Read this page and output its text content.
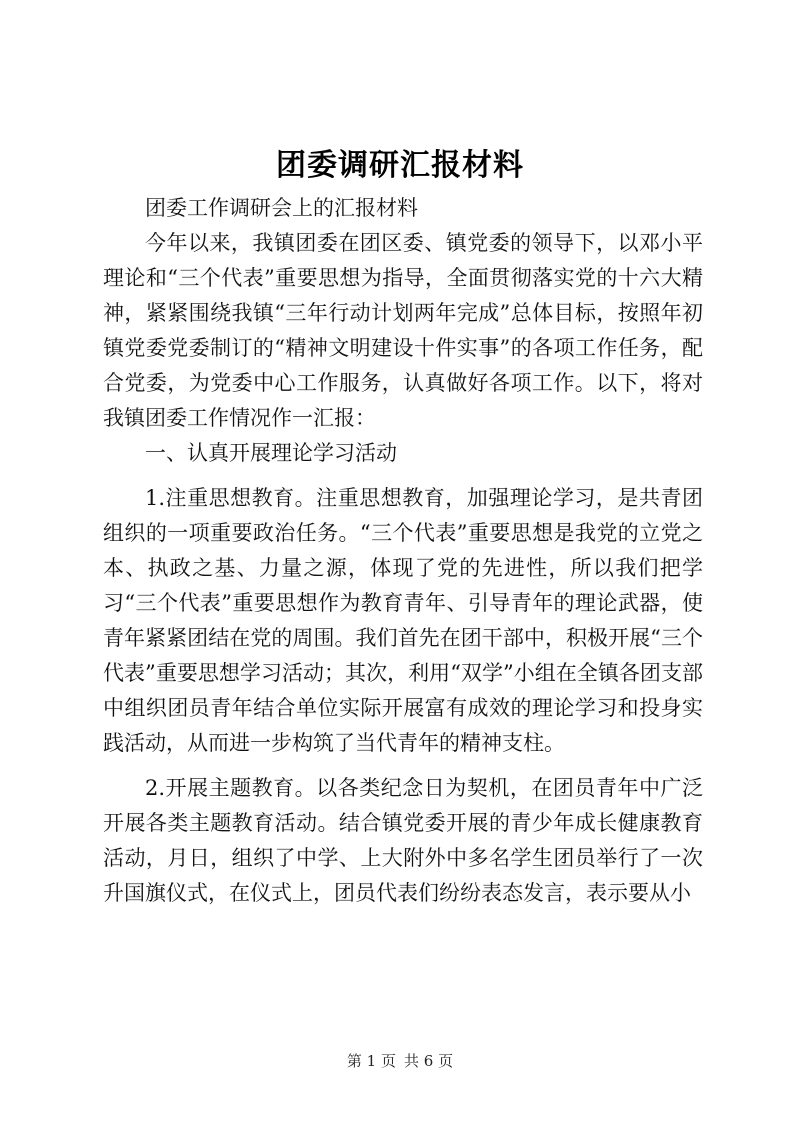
团委调研汇报材料

团委工作调研会上的汇报材料

今年以来，我镇团委在团区委、镇党委的领导下，以邓小平理论和“三个代表”重要思想为指导，全面贯彻落实党的十六大精神，紧紧围绕我镇“三年行动计划两年完成”总体目标，按照年初镇党委党委制订的“精神文明建设十件实事”的各项工作任务，配合党委，为党委中心工作服务，认真做好各项工作。以下，将对我镇团委工作情况作一汇报：

一、认真开展理论学习活动

1.注重思想教育。注重思想教育，加强理论学习，是共青团组织的一项重要政治任务。“三个代表”重要思想是我党的立党之本、执政之基、力量之源，体现了党的先进性，所以我们把学习“三个代表”重要思想作为教育青年、引导青年的理论武器，使青年紧紧团结在党的周围。我们首先在团干部中，积极开展“三个代表”重要思想学习活动；其次，利用“双学”小组在全镇各团支部中组织团员青年结合单位实际开展富有成效的理论学习和投身实践活动，从而进一步构筑了当代青年的精神支柱。

2.开展主题教育。以各类纪念日为契机，在团员青年中广泛开展各类主题教育活动。结合镇党委开展的青少年成长健康教育活动，月日，组织了中学、上大附外中多名学生团员举行了一次升国旗仪式，在仪式上，团员代表们纷纷表态发言，表示要从小

第 1 页 共 6 页
